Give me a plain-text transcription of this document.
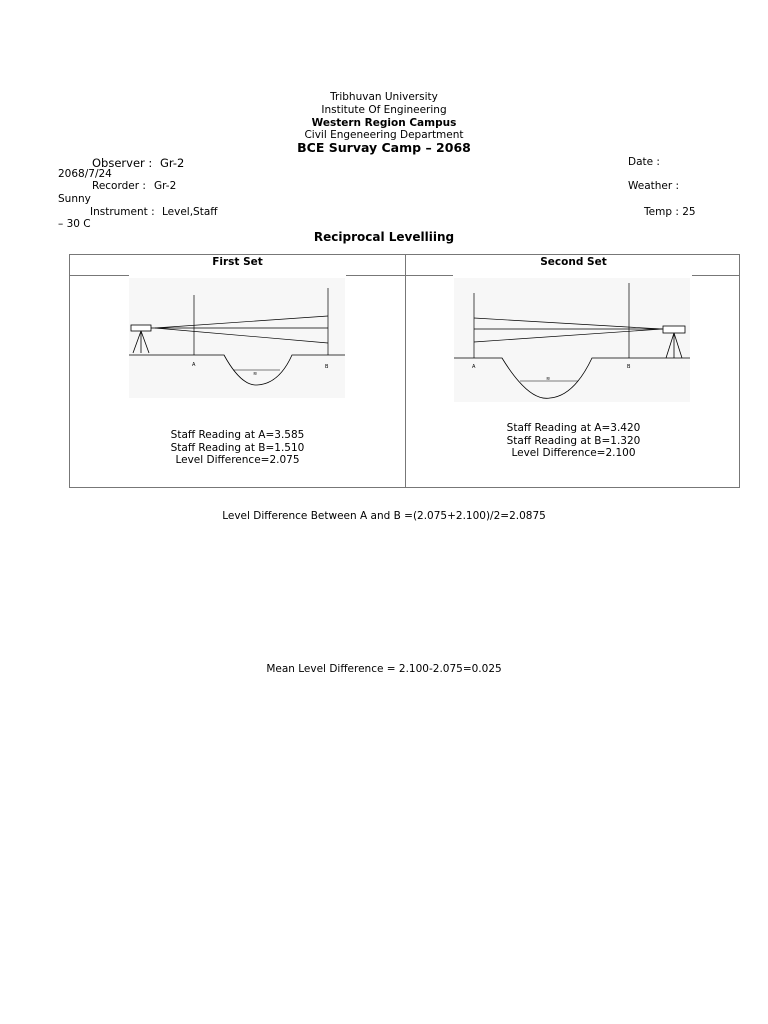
Tribhuvan University
Institute Of Engineering
Western Region Campus
Civil Engeneering Department
BCE Survay Camp – 2068
Observer : Gr-2	Date :
2068/7/24
Recorder : Gr-2	Weather :
Sunny
Instrument : Level,Staff	Temp : 25
– 30 C
Reciprocal Levelliing
First Set
A	B
≋
Staff Reading at A=3.585
Staff Reading at B=1.510
Level Difference=2.075
Second Set
A	B
≋
Staff Reading at A=3.420
Staff Reading at B=1.320
Level Difference=2.100
Level Difference Between A and B =(2.075+2.100)/2=2.0875
Mean Level Difference = 2.100-2.075=0.025
